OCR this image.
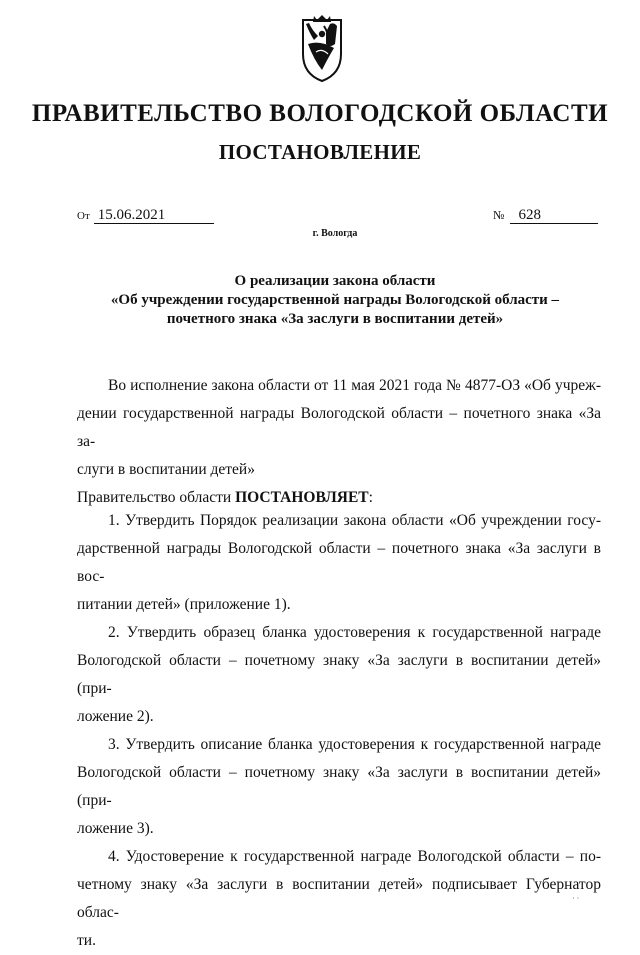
ПРАВИТЕЛЬСТВО ВОЛОГОДСКОЙ ОБЛАСТИ
ПОСТАНОВЛЕНИЕ
От 15.06.2021	№ 628
г. Вологда
О реализации закона области
«Об учреждении государственной награды Вологодской области –
почетного знака «За заслуги в воспитании детей»

Во исполнение закона области от 11 мая 2021 года № 4877-ОЗ «Об учреж-
дении государственной награды Вологодской области – почетного знака «За за-
слуги в воспитании детей»

Правительство области ПОСТАНОВЛЯЕТ:

1. Утвердить Порядок реализации закона области «Об учреждении госу-
дарственной награды Вологодской области – почетного знака «За заслуги в вос-
питании детей» (приложение 1).

2. Утвердить образец бланка удостоверения к государственной награде
Вологодской области – почетному знаку «За заслуги в воспитании детей» (при-
ложение 2).

3. Утвердить описание бланка удостоверения к государственной награде
Вологодской области – почетному знаку «За заслуги в воспитании детей» (при-
ложение 3).

4. Удостоверение к государственной награде Вологодской области – по-
четному знаку «За заслуги в воспитании детей» подписывает Губернатор облас-
ти.

· ·
